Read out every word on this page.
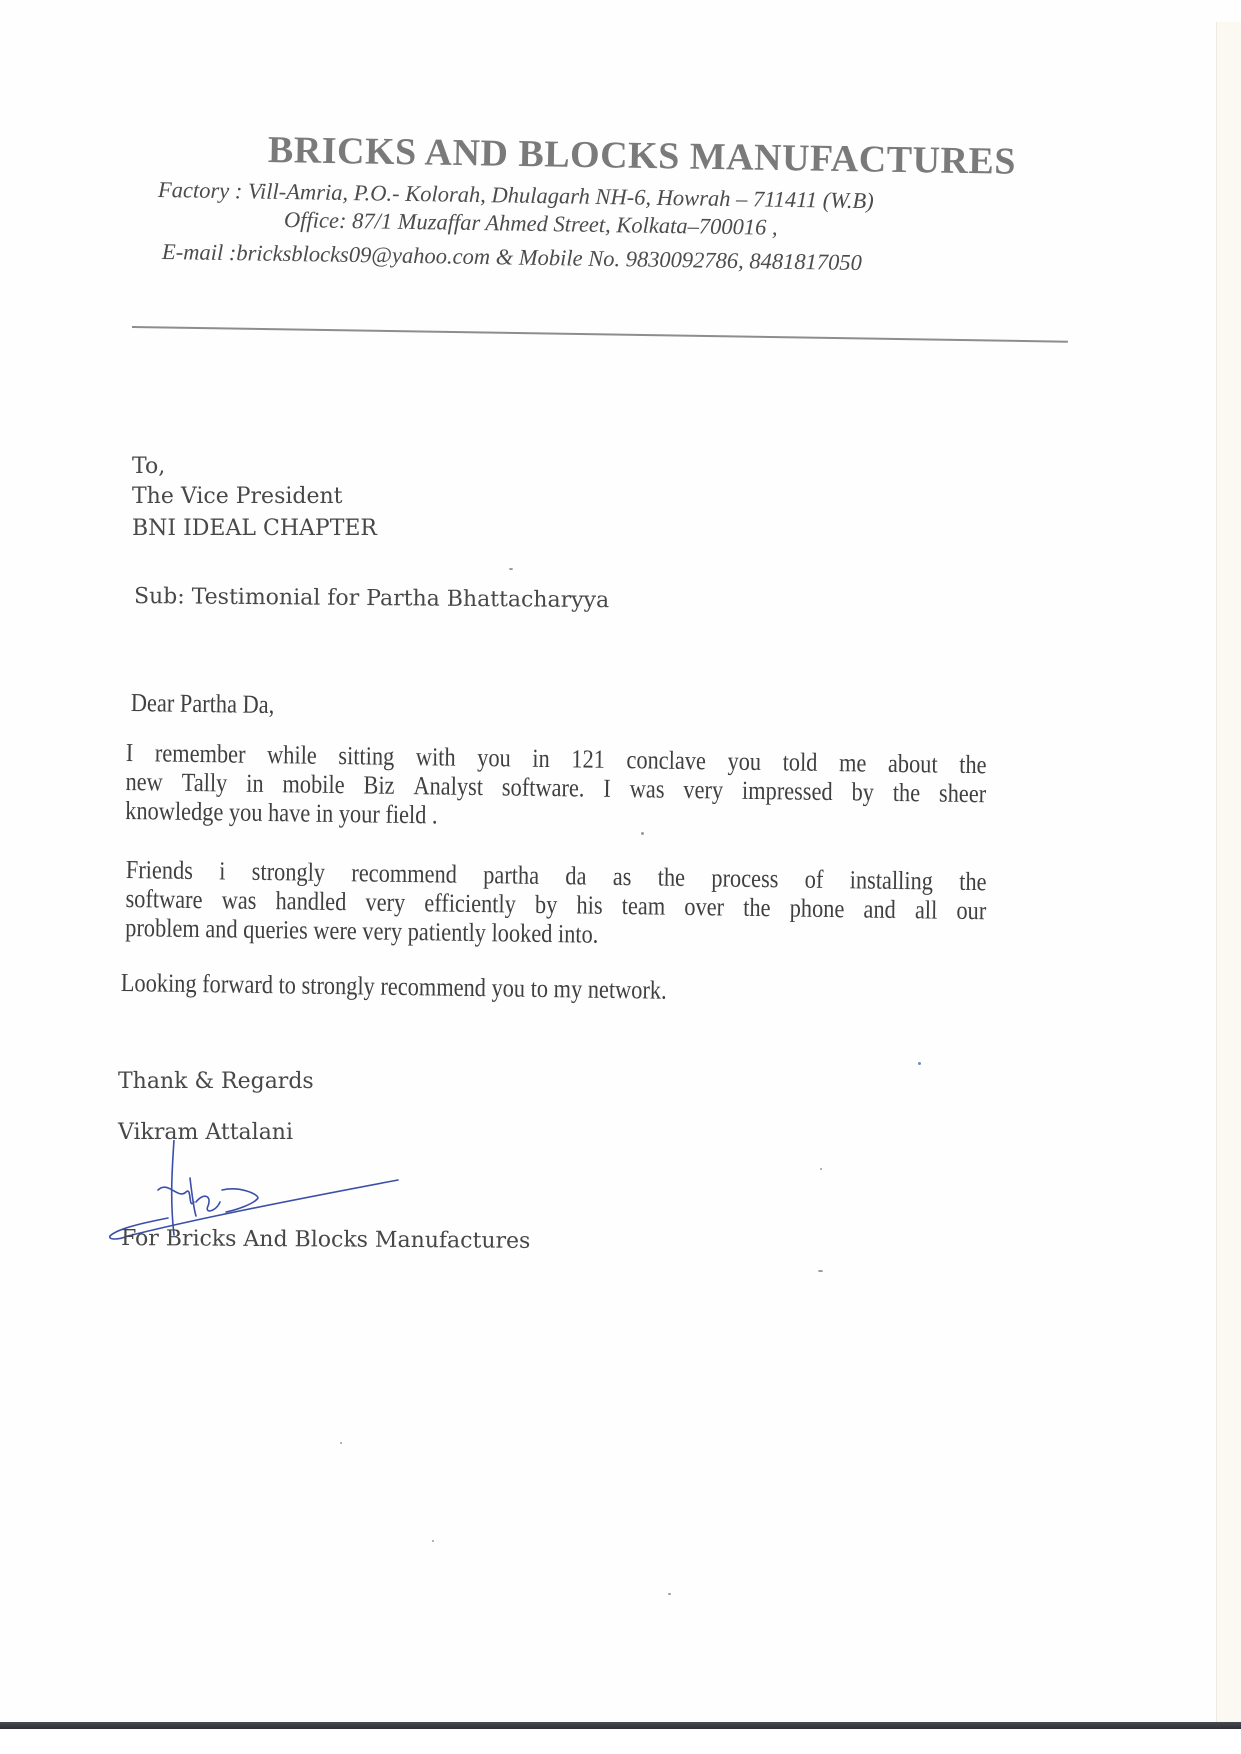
BRICKS AND BLOCKS MANUFACTURES
Factory : Vill-Amria, P.O.- Kolorah, Dhulagarh NH-6, Howrah – 711411 (W.B)
Office: 87/1 Muzaffar Ahmed Street, Kolkata–700016 ,
E-mail :bricksblocks09@yahoo.com & Mobile No. 9830092786, 8481817050
To,
The Vice President
BNI IDEAL CHAPTER
Sub: Testimonial for Partha Bhattacharyya
Dear Partha Da,
I remember while sitting with you in 121 conclave you told me about the
new Tally in mobile Biz Analyst software. I was very impressed by the sheer
knowledge you have in your field .
Friends i strongly recommend partha da as the process of installing the
software was handled very efficiently by his team over the phone and all our
problem and queries were very patiently looked into.
Looking forward to strongly recommend you to my network.
Thank & Regards
Vikram Attalani
For Bricks And Blocks Manufactures
